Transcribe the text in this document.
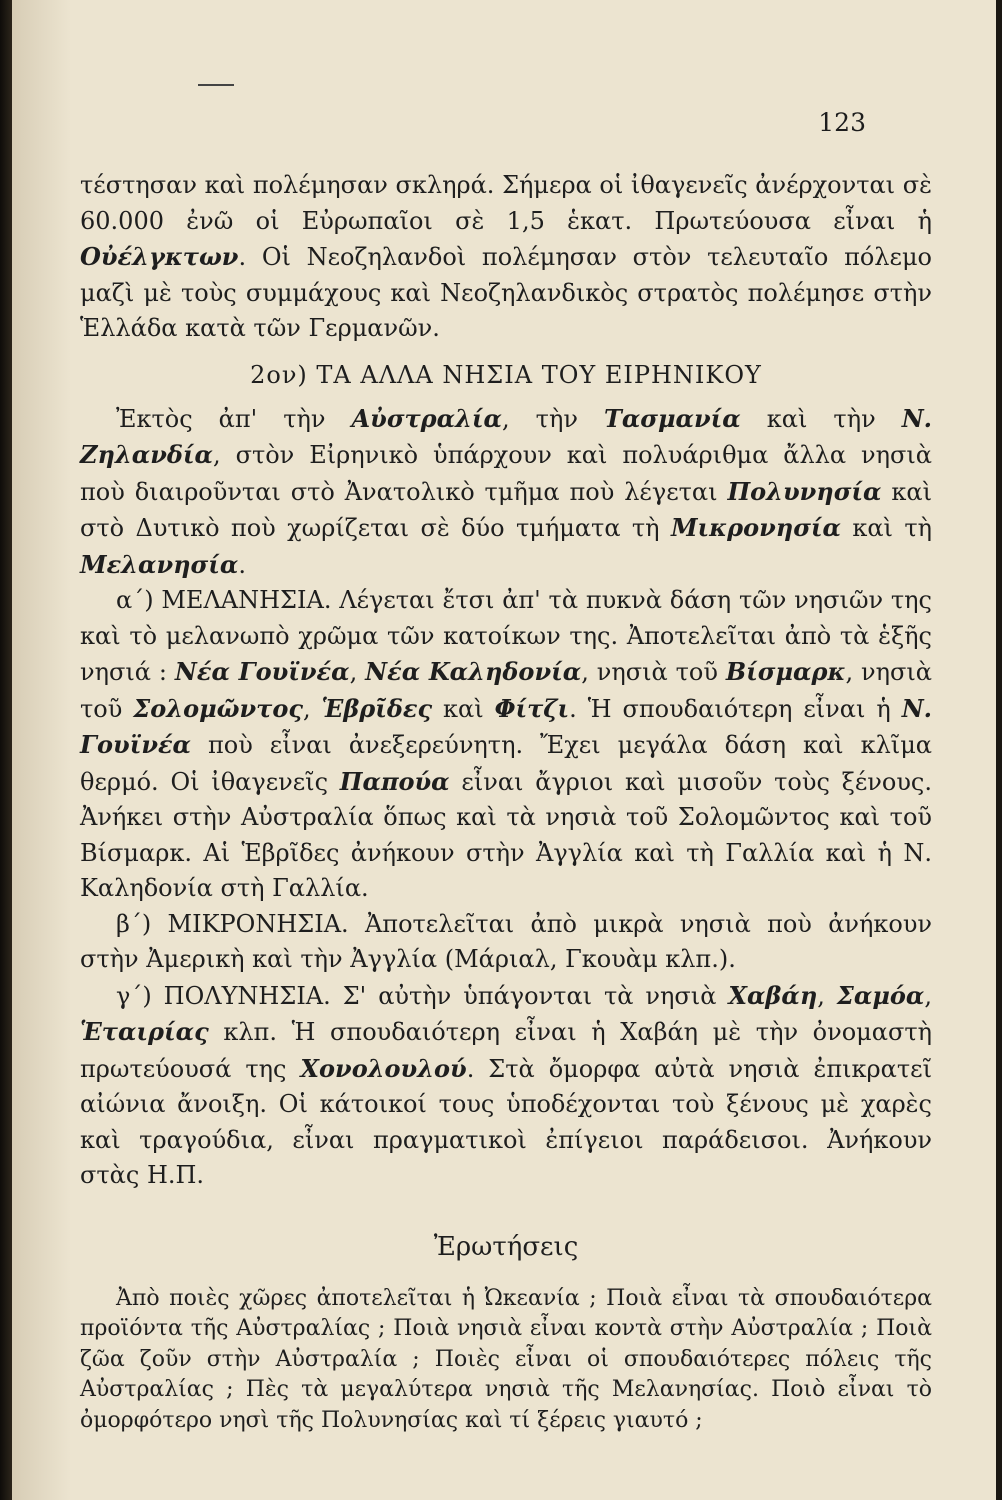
123

τέστησαν καὶ πολέμησαν σκληρά. Σήμερα οἱ ἰθαγενεῖς ἀνέρχονται σὲ 60.000 ἐνῶ οἱ Εὐρωπαῖοι σὲ 1,5 ἑκατ. Πρωτεύουσα εἶναι ἡ Οὐέλγκτων. Οἱ Νεοζηλανδοὶ πολέμησαν στὸν τελευταῖο πόλεμο μαζὶ μὲ τοὺς συμμάχους καὶ Νεοζηλανδικὸς στρατὸς πολέμησε στὴν Ἑλλάδα κατὰ τῶν Γερμανῶν.

2ον) ΤΑ ΑΛΛΑ ΝΗΣΙΑ ΤΟΥ ΕΙΡΗΝΙΚΟΥ

Ἐκτὸς ἀπ' τὴν Αὐστραλία, τὴν Τασμανία καὶ τὴν Ν. Ζηλανδία, στὸν Εἰρηνικὸ ὑπάρχουν καὶ πολυάριθμα ἄλλα νησιὰ ποὺ διαιροῦνται στὸ Ἀνατολικὸ τμῆμα ποὺ λέγεται Πολυνησία καὶ στὸ Δυτικὸ ποὺ χωρίζεται σὲ δύο τμήματα τὴ Μικρονησία καὶ τὴ Μελανησία.

α΄) ΜΕΛΑΝΗΣΙΑ. Λέγεται ἔτσι ἀπ' τὰ πυκνὰ δάση τῶν νησιῶν της καὶ τὸ μελανωπὸ χρῶμα τῶν κατοίκων της. Ἀποτελεῖται ἀπὸ τὰ ἑξῆς νησιά : Νέα Γουϊνέα, Νέα Καληδονία, νησιὰ τοῦ Βίσμαρκ, νησιὰ τοῦ Σολομῶντος, Ἑβρῖδες καὶ Φίτζι. Ἡ σπουδαιότερη εἶναι ἡ Ν. Γουϊνέα ποὺ εἶναι ἀνεξερεύνητη. Ἔχει μεγάλα δάση καὶ κλῖμα θερμό. Οἱ ἰθαγενεῖς Παπούα εἶναι ἄγριοι καὶ μισοῦν τοὺς ξένους. Ἀνήκει στὴν Αὐστραλία ὅπως καὶ τὰ νησιὰ τοῦ Σολομῶντος καὶ τοῦ Βίσμαρκ. Αἱ Ἑβρῖδες ἀνήκουν στὴν Ἀγγλία καὶ τὴ Γαλλία καὶ ἡ Ν. Καληδονία στὴ Γαλλία.

β΄) ΜΙΚΡΟΝΗΣΙΑ. Ἀποτελεῖται ἀπὸ μικρὰ νησιὰ ποὺ ἀνήκουν στὴν Ἀμερικὴ καὶ τὴν Ἀγγλία (Μάριαλ, Γκουὰμ κλπ.).

γ΄) ΠΟΛΥΝΗΣΙΑ. Σ' αὐτὴν ὑπάγονται τὰ νησιὰ Χαβάη, Σαμόα, Ἑταιρίας κλπ. Ἡ σπουδαιότερη εἶναι ἡ Χαβάη μὲ τὴν ὀνομαστὴ πρωτεύουσά της Χονολουλού. Στὰ ὄμορφα αὐτὰ νησιὰ ἐπικρατεῖ αἰώνια ἄνοιξη. Οἱ κάτοικοί τους ὑποδέχονται τοὺ ξένους μὲ χαρὲς καὶ τραγούδια, εἶναι πραγματικοὶ ἐπίγειοι παράδεισοι. Ἀνήκουν στὰς Η.Π.

Ἐρωτήσεις

Ἀπὸ ποιὲς χῶρες ἀποτελεῖται ἡ Ὠκεανία ; Ποιὰ εἶναι τὰ σπουδαιότερα προϊόντα τῆς Αὐστραλίας ; Ποιὰ νησιὰ εἶναι κοντὰ στὴν Αὐστραλία ; Ποιὰ ζῶα ζοῦν στὴν Αὐστραλία ; Ποιὲς εἶναι οἱ σπουδαιότερες πόλεις τῆς Αὐστραλίας ; Πὲς τὰ μεγαλύτερα νησιὰ τῆς Μελανησίας. Ποιὸ εἶναι τὸ ὀμορφότερο νησὶ τῆς Πολυνησίας καὶ τί ξέρεις γιαυτό ;
